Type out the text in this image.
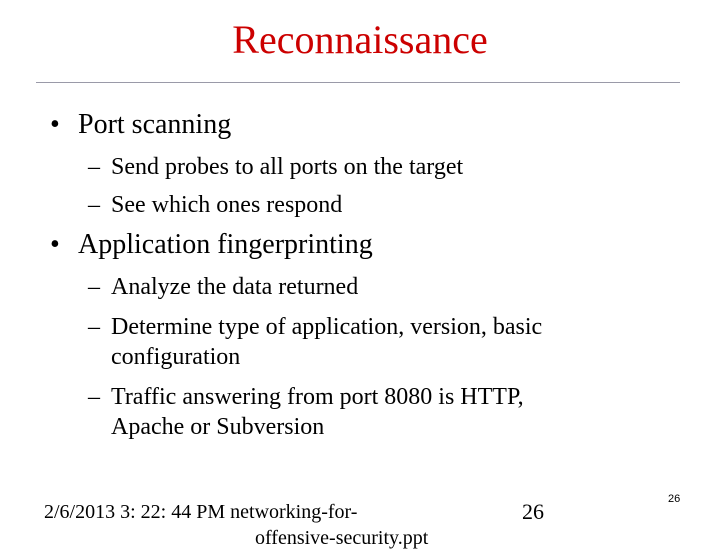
Reconnaissance
• Port scanning
– Send probes to all ports on the target
– See which ones respond
• Application fingerprinting
– Analyze the data returned
– Determine type of application, version, basic
configuration
– Traffic answering from port 8080 is HTTP,
Apache or Subversion
2/6/2013 3: 22: 44 PM networking-for-
offensive-security.ppt
26	26
